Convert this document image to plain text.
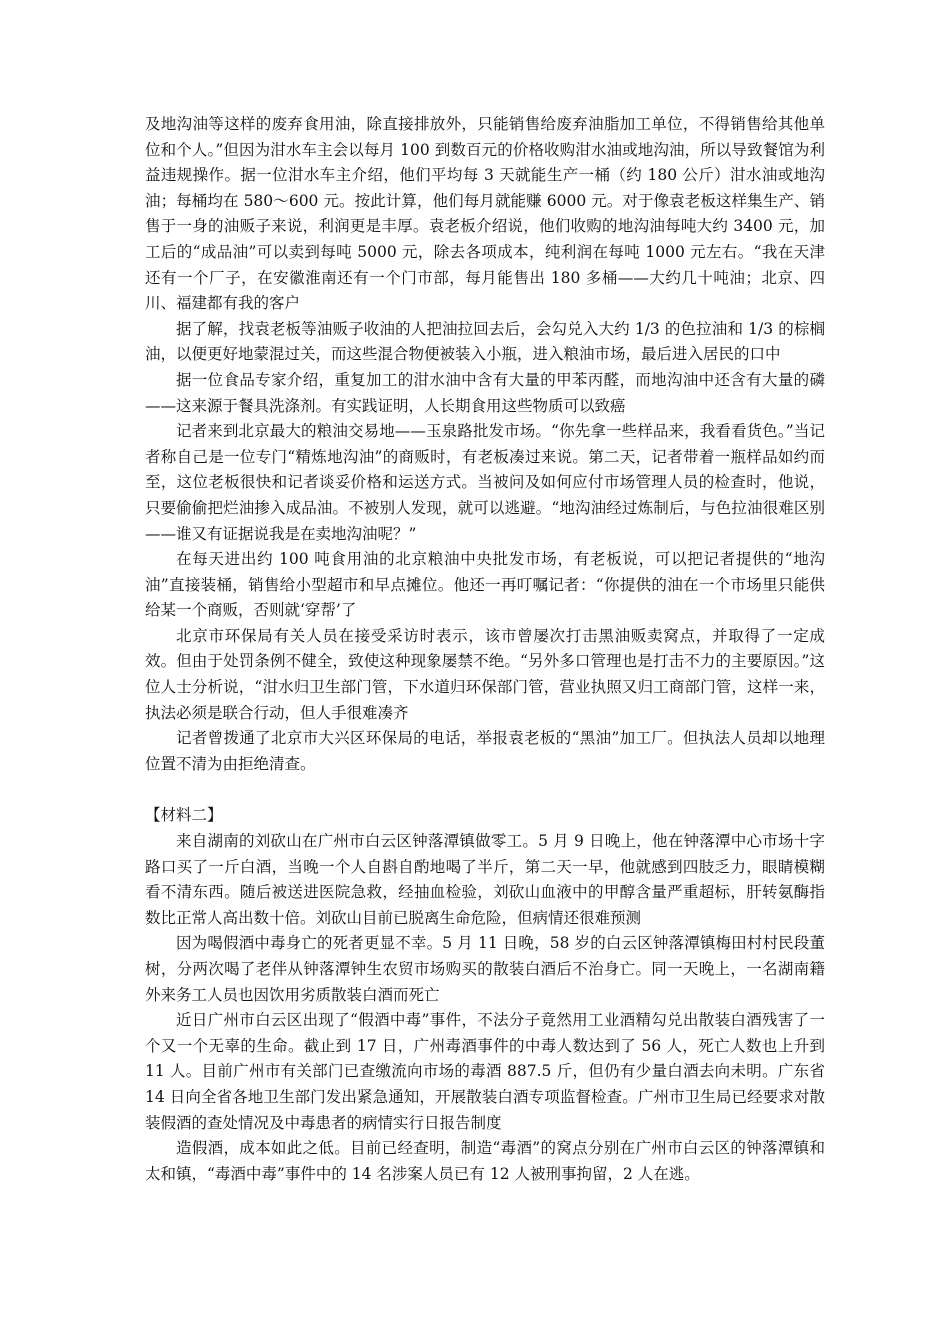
及地沟油等这样的废弃食用油，除直接排放外，只能销售给废弃油脂加工单位，不得销售给其他单位和个人。”但因为泔水车主会以每月 100 到数百元的价格收购泔水油或地沟油，所以导致餐馆为利益违规操作。据一位泔水车主介绍，他们平均每 3 天就能生产一桶（约 180 公斤）泔水油或地沟油；每桶均在 580～600 元。按此计算，他们每月就能赚 6000 元。对于像袁老板这样集生产、销售于一身的油贩子来说，利润更是丰厚。袁老板介绍说，他们收购的地沟油每吨大约 3400 元，加工后的“成品油”可以卖到每吨 5000 元，除去各项成本，纯利润在每吨 1000 元左右。“我在天津还有一个厂子，在安徽淮南还有一个门市部，每月能售出 180 多桶——大约几十吨油；北京、四川、福建都有我的客户

据了解，找袁老板等油贩子收油的人把油拉回去后，会勾兑入大约 1/3 的色拉油和 1/3 的棕榈油，以便更好地蒙混过关，而这些混合物便被装入小瓶，进入粮油市场，最后进入居民的口中

据一位食品专家介绍，重复加工的泔水油中含有大量的甲苯丙醛，而地沟油中还含有大量的磷——这来源于餐具洗涤剂。有实践证明，人长期食用这些物质可以致癌

记者来到北京最大的粮油交易地——玉泉路批发市场。“你先拿一些样品来，我看看货色。”当记者称自己是一位专门“精炼地沟油”的商贩时，有老板凑过来说。第二天，记者带着一瓶样品如约而至，这位老板很快和记者谈妥价格和运送方式。当被问及如何应付市场管理人员的检查时，他说，只要偷偷把烂油掺入成品油。不被别人发现，就可以逃避。“地沟油经过炼制后，与色拉油很难区别——谁又有证据说我是在卖地沟油呢？”

在每天进出约 100 吨食用油的北京粮油中央批发市场，有老板说，可以把记者提供的“地沟油”直接装桶，销售给小型超市和早点摊位。他还一再叮嘱记者：“你提供的油在一个市场里只能供给某一个商贩，否则就‘穿帮’了

北京市环保局有关人员在接受采访时表示，该市曾屡次打击黑油贩卖窝点，并取得了一定成效。但由于处罚条例不健全，致使这种现象屡禁不绝。“另外多口管理也是打击不力的主要原因。”这位人士分析说，“泔水归卫生部门管，下水道归环保部门管，营业执照又归工商部门管，这样一来，执法必须是联合行动，但人手很难凑齐

记者曾拨通了北京市大兴区环保局的电话，举报袁老板的“黑油”加工厂。但执法人员却以地理位置不清为由拒绝清查。

【材料二】

来自湖南的刘砍山在广州市白云区钟落潭镇做零工。5 月 9 日晚上，他在钟落潭中心市场十字路口买了一斤白酒，当晚一个人自斟自酌地喝了半斤，第二天一早，他就感到四肢乏力，眼睛模糊看不清东西。随后被送进医院急救，经抽血检验，刘砍山血液中的甲醇含量严重超标，肝转氨酶指数比正常人高出数十倍。刘砍山目前已脱离生命危险，但病情还很难预测

因为喝假酒中毒身亡的死者更显不幸。5 月 11 日晚，58 岁的白云区钟落潭镇梅田村村民段董树，分两次喝了老伴从钟落潭钟生农贸市场购买的散装白酒后不治身亡。同一天晚上，一名湖南籍外来务工人员也因饮用劣质散装白酒而死亡

近日广州市白云区出现了“假酒中毒”事件，不法分子竟然用工业酒精勾兑出散装白酒残害了一个又一个无辜的生命。截止到 17 日，广州毒酒事件的中毒人数达到了 56 人，死亡人数也上升到 11 人。目前广州市有关部门已查缴流向市场的毒酒 887.5 斤，但仍有少量白酒去向未明。广东省 14 日向全省各地卫生部门发出紧急通知，开展散装白酒专项监督检查。广州市卫生局已经要求对散装假酒的查处情况及中毒患者的病情实行日报告制度

造假酒，成本如此之低。目前已经查明，制造“毒酒”的窝点分别在广州市白云区的钟落潭镇和太和镇，“毒酒中毒”事件中的 14 名涉案人员已有 12 人被刑事拘留，2 人在逃。
